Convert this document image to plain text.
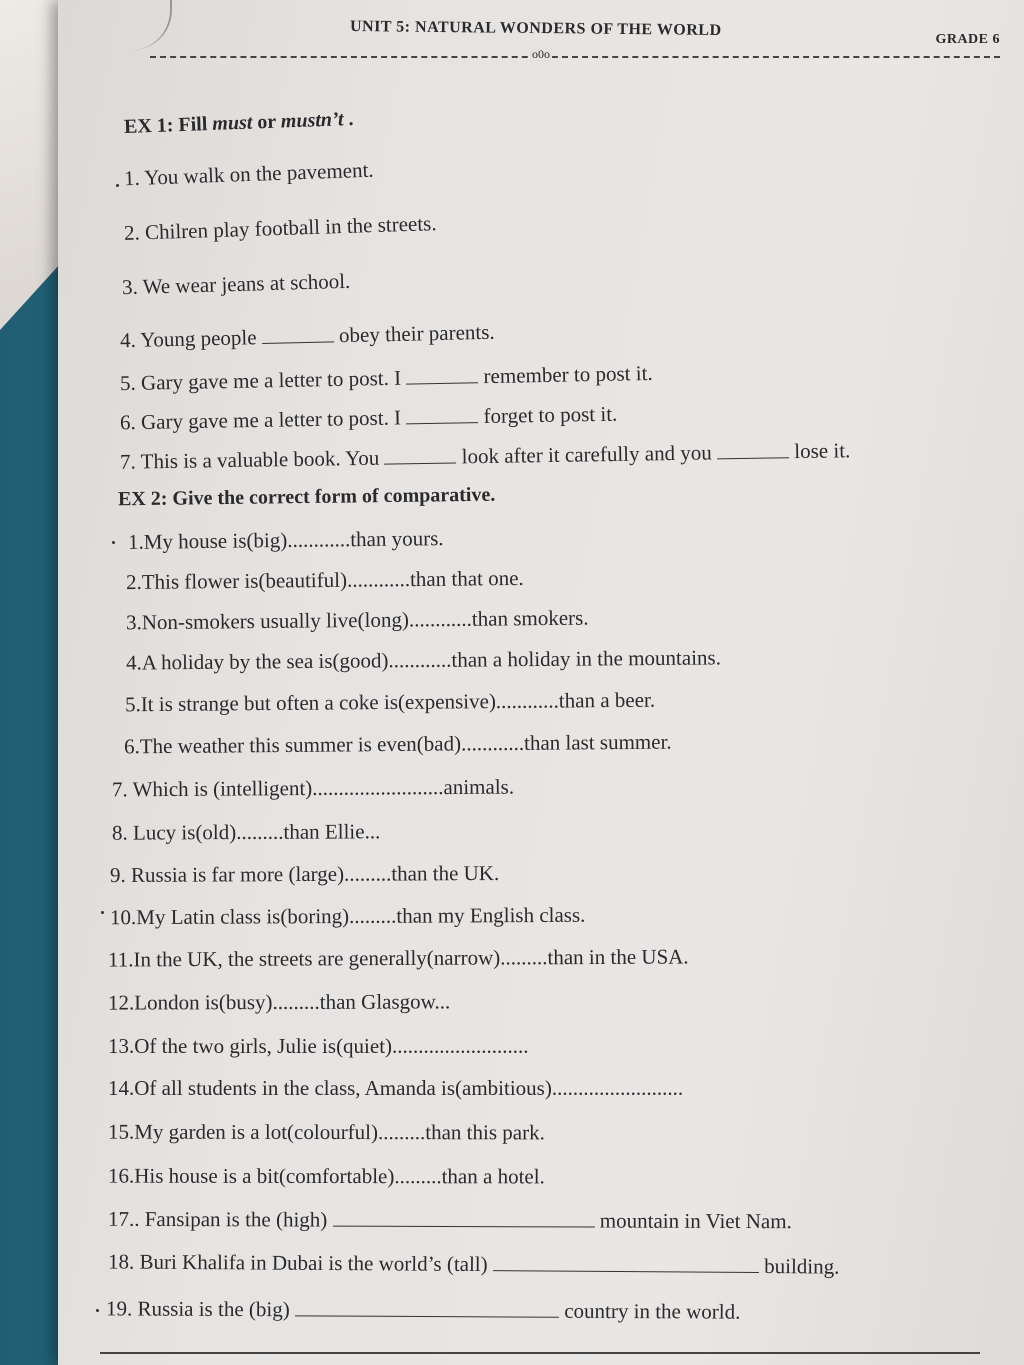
UNIT 5: NATURAL WONDERS OF THE WORLD
GRADE 6
o0o
EX 1: Fill must or mustn’t .
1. You walk on the pavement.
2. Chilren play football in the streets.
3. We wear jeans at school.
4. Young people	obey their parents.
5. Gary gave me a letter to post. I	remember to post it.
6. Gary gave me a letter to post. I	forget to post it.
7. This is a valuable book. You	look after it carefully and you	lose it.
EX 2: Give the correct form of comparative.
1.My house is(big)............than yours.
2.This flower is(beautiful)............than that one.
3.Non-smokers usually live(long)............than smokers.
4.A holiday by the sea is(good)............than a holiday in the mountains.
5.It is strange but often a coke is(expensive)............than a beer.
6.The weather this summer is even(bad)............than last summer.
7. Which is (intelligent).........................animals.
8. Lucy is(old).........than Ellie...
9. Russia is far more (large).........than the UK.
10.My Latin class is(boring).........than my English class.
11.In the UK, the streets are generally(narrow).........than in the USA.
12.London is(busy).........than Glasgow...
13.Of the two girls, Julie is(quiet)..........................
14.Of all students in the class, Amanda is(ambitious).........................
15.My garden is a lot(colourful).........than this park.
16.His house is a bit(comfortable).........than a hotel.
17.. Fansipan is the (high)	mountain in Viet Nam.
18. Buri Khalifa in Dubai is the world’s (tall)	building.
19. Russia is the (big)	country in the world.
